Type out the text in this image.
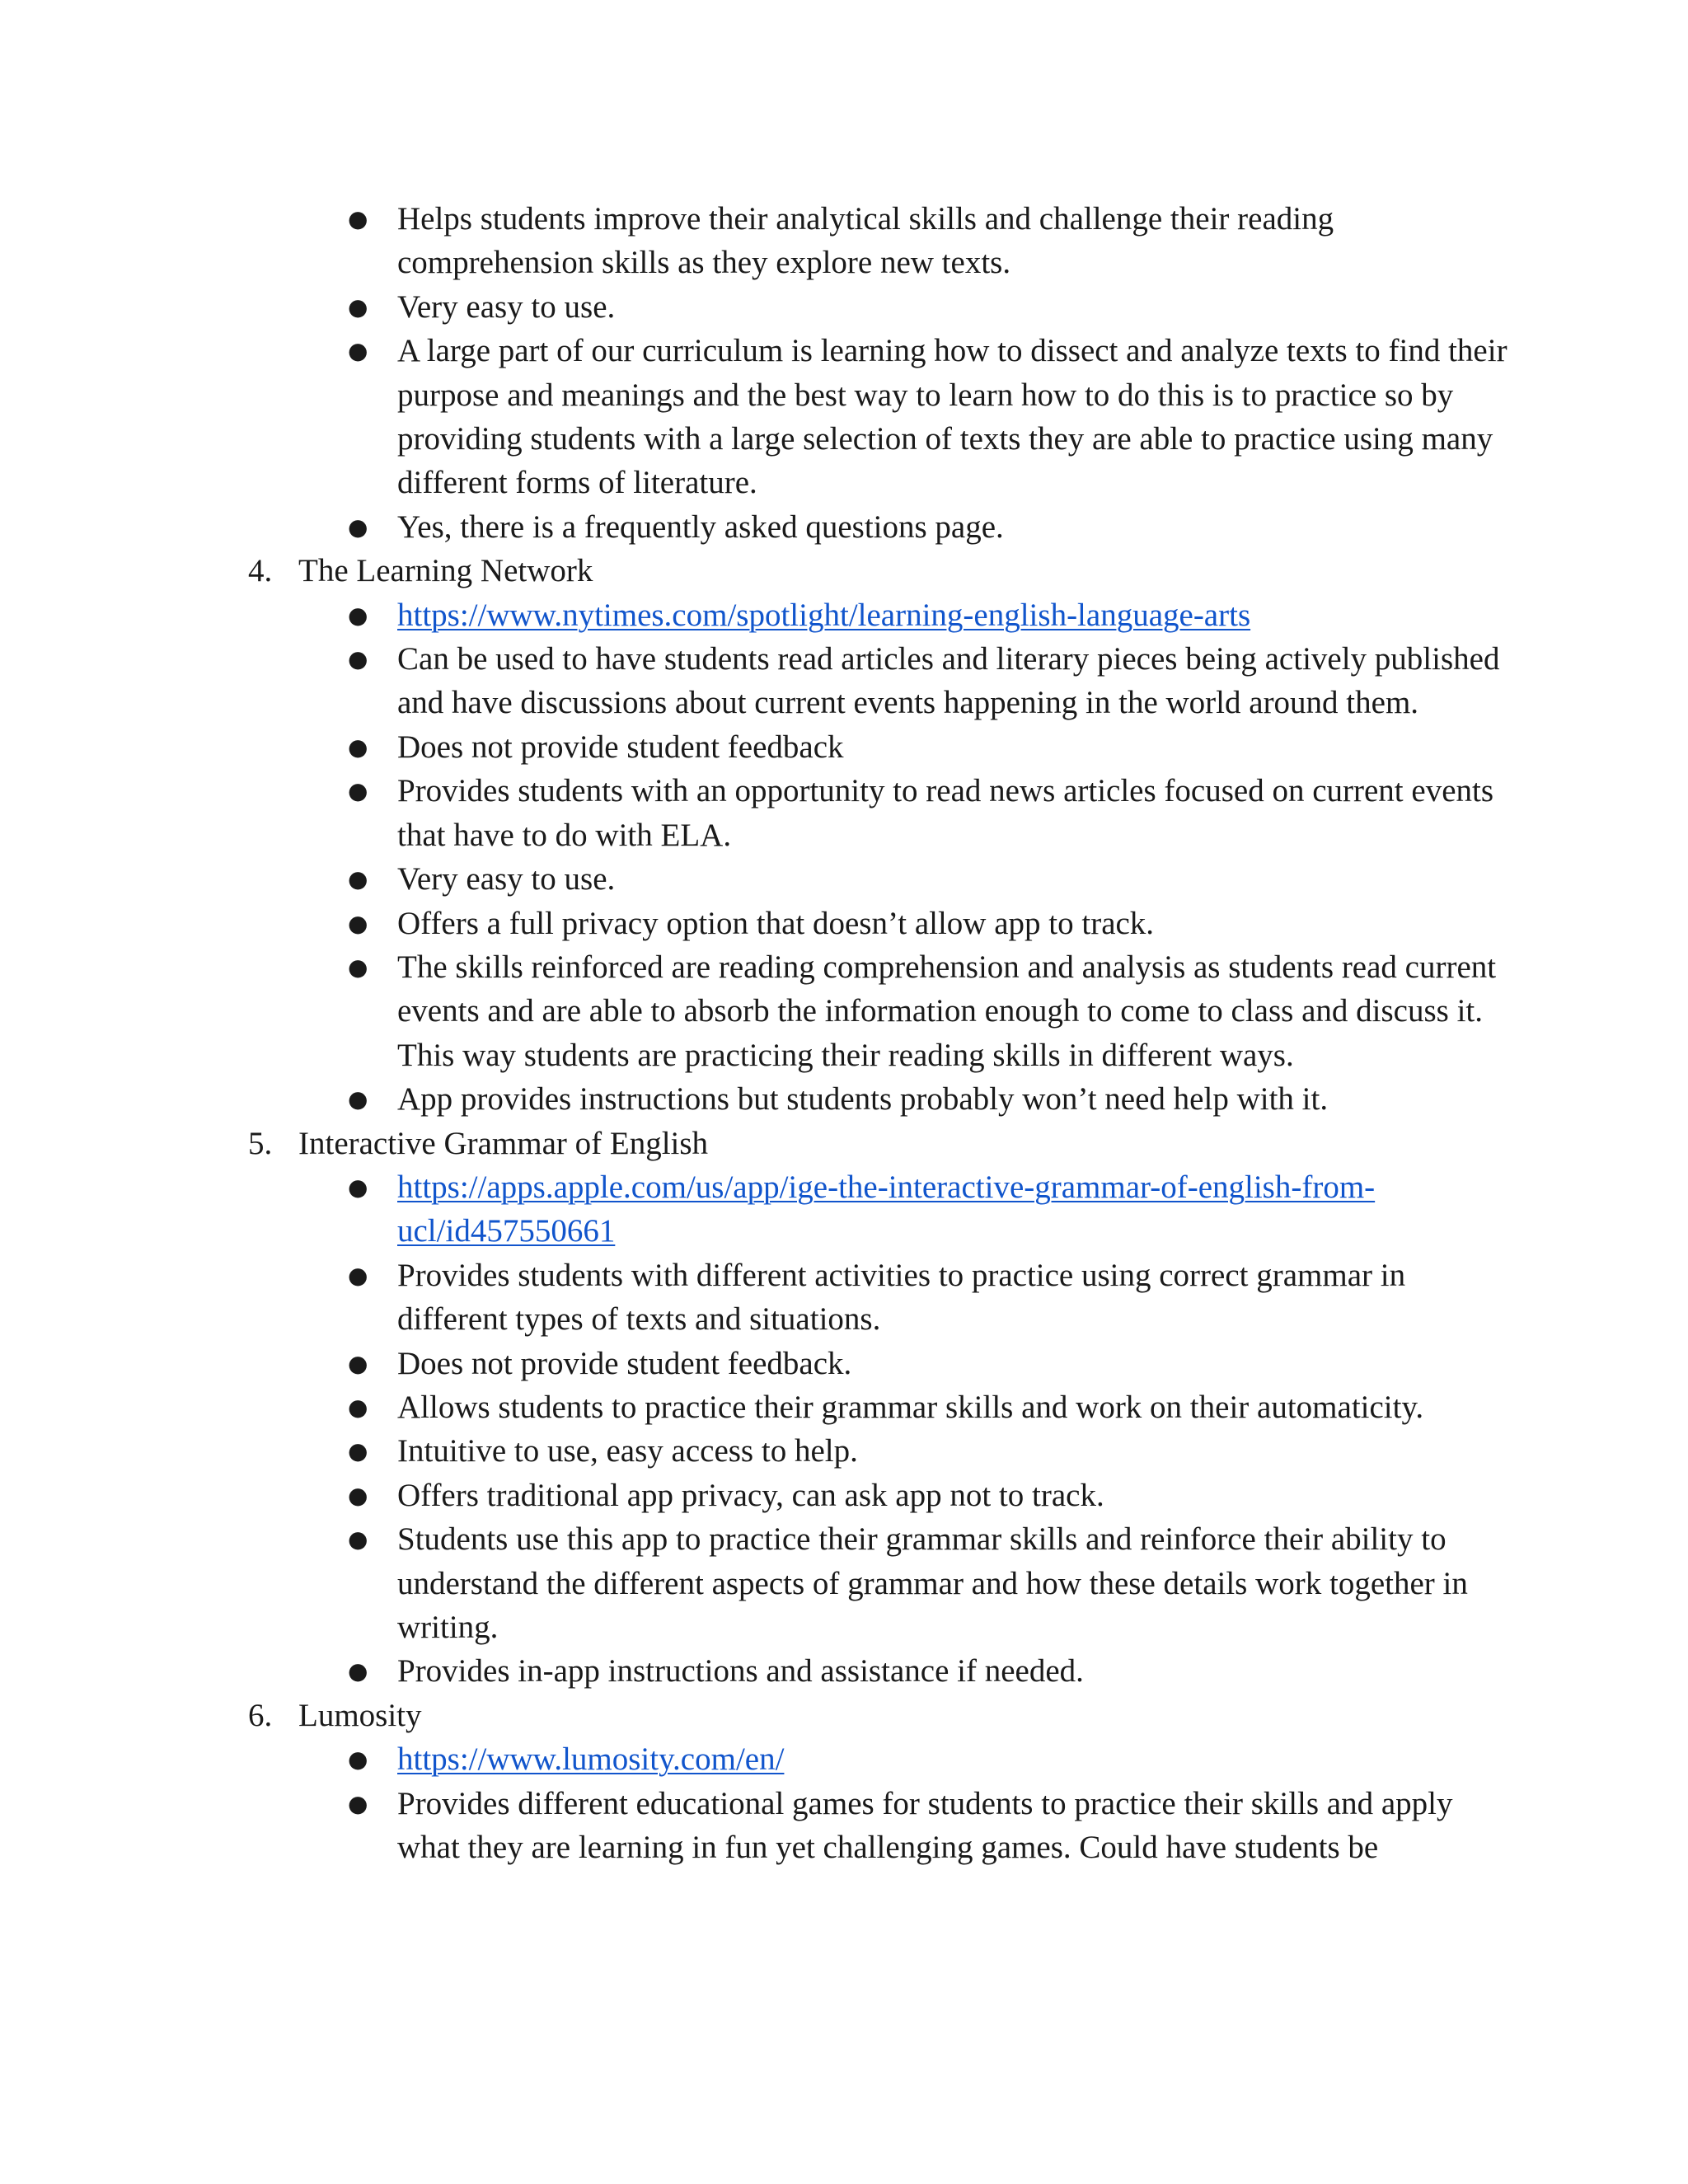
● Helps students improve their analytical skills and challenge their reading comprehension skills as they explore new texts.
● Very easy to use.
● A large part of our curriculum is learning how to dissect and analyze texts to find their purpose and meanings and the best way to learn how to do this is to practice so by providing students with a large selection of texts they are able to practice using many different forms of literature.
● Yes, there is a frequently asked questions page.
4. The Learning Network
● https://www.nytimes.com/spotlight/learning-english-language-arts
● Can be used to have students read articles and literary pieces being actively published and have discussions about current events happening in the world around them.
● Does not provide student feedback
● Provides students with an opportunity to read news articles focused on current events that have to do with ELA.
● Very easy to use.
● Offers a full privacy option that doesn’t allow app to track.
● The skills reinforced are reading comprehension and analysis as students read current events and are able to absorb the information enough to come to class and discuss it. This way students are practicing their reading skills in different ways.
● App provides instructions but students probably won’t need help with it.
5. Interactive Grammar of English
● https://apps.apple.com/us/app/ige-the-interactive-grammar-of-english-from-ucl/id457550661
● Provides students with different activities to practice using correct grammar in different types of texts and situations.
● Does not provide student feedback.
● Allows students to practice their grammar skills and work on their automaticity.
● Intuitive to use, easy access to help.
● Offers traditional app privacy, can ask app not to track.
● Students use this app to practice their grammar skills and reinforce their ability to understand the different aspects of grammar and how these details work together in writing.
● Provides in-app instructions and assistance if needed.
6. Lumosity
● https://www.lumosity.com/en/
● Provides different educational games for students to practice their skills and apply what they are learning in fun yet challenging games. Could have students be
